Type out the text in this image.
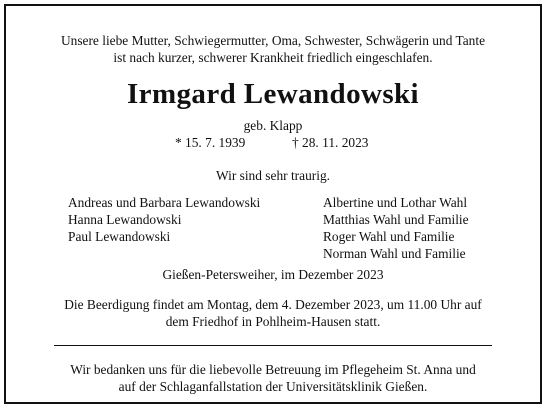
Unsere liebe Mutter, Schwiegermutter, Oma, Schwester, Schwägerin und Tante
ist nach kurzer, schwerer Krankheit friedlich eingeschlafen.
Irmgard Lewandowski
geb. Klapp
* 15. 7. 1939	† 28. 11. 2023
Wir sind sehr traurig.
Andreas und Barbara Lewandowski
Hanna Lewandowski
Paul Lewandowski
Albertine und Lothar Wahl
Matthias Wahl und Familie
Roger Wahl und Familie
Norman Wahl und Familie
Gießen-Petersweiher, im Dezember 2023
Die Beerdigung findet am Montag, dem 4. Dezember 2023, um 11.00 Uhr auf
dem Friedhof in Pohlheim-Hausen statt.
Wir bedanken uns für die liebevolle Betreuung im Pflegeheim St. Anna und
auf der Schlaganfallstation der Universitätsklinik Gießen.
